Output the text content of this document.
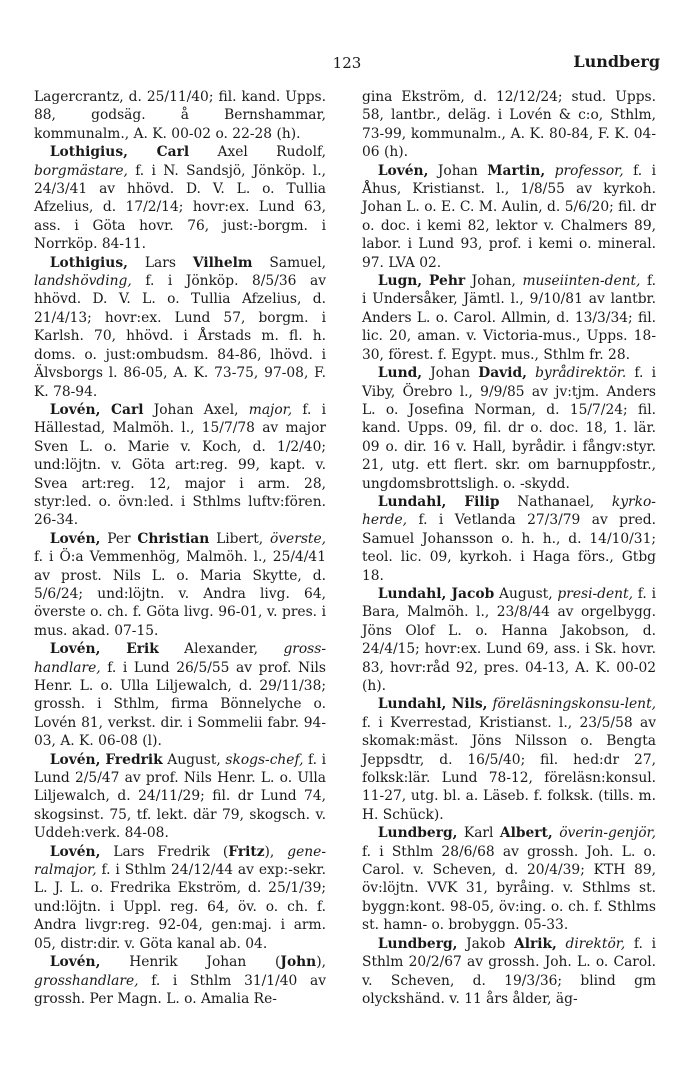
123	Lundberg

Lagercrantz, d. 25/11/40; fil. kand. Upps. 88, godsäg. å Bernshammar, kommunalm., A. K. 00-02 o. 22-28 (h).

Lothigius, Carl Axel Rudolf, borgmästare, f. i N. Sandsjö, Jönköp. l., 24/3/41 av hhövd. D. V. L. o. Tullia Afzelius, d. 17/2/14; hovr:ex. Lund 63, ass. i Göta hovr. 76, just:-borgm. i Norrköp. 84-11.

Lothigius, Lars Vilhelm Samuel, landshövding, f. i Jönköp. 8/5/36 av hhövd. D. V. L. o. Tullia Afzelius, d. 21/4/13; hovr:ex. Lund 57, borgm. i Karlsh. 70, hhövd. i Årstads m. fl. h. doms. o. just:ombudsm. 84-86, lhövd. i Älvsborgs l. 86-05, A. K. 73-75, 97-08, F. K. 78-94.

Lovén, Carl Johan Axel, major, f. i Hällestad, Malmöh. l., 15/7/78 av major Sven L. o. Marie v. Koch, d. 1/2/40; und:löjtn. v. Göta art:reg. 99, kapt. v. Svea art:reg. 12, major i arm. 28, styr:led. o. övn:led. i Sthlms luftv:fören. 26-34.

Lovén, Per Christian Libert, överste, f. i Ö:a Vemmenhög, Malmöh. l., 25/4/41 av prost. Nils L. o. Maria Skytte, d. 5/6/24; und:löjtn. v. Andra livg. 64, överste o. ch. f. Göta livg. 96-01, v. pres. i mus. akad. 07-15.

Lovén, Erik Alexander, gross-handlare, f. i Lund 26/5/55 av prof. Nils Henr. L. o. Ulla Liljewalch, d. 29/11/38; grossh. i Sthlm, firma Bönnelyche o. Lovén 81, verkst. dir. i Sommelii fabr. 94-03, A. K. 06-08 (l).

Lovén, Fredrik August, skogs-chef, f. i Lund 2/5/47 av prof. Nils Henr. L. o. Ulla Liljewalch, d. 24/11/29; fil. dr Lund 74, skogsinst. 75, tf. lekt. där 79, skogsch. v. Uddeh:verk. 84-08.

Lovén, Lars Fredrik (Fritz), gene-ralmajor, f. i Sthlm 24/12/44 av exp:-sekr. L. J. L. o. Fredrika Ekström, d. 25/1/39; und:löjtn. i Uppl. reg. 64, öv. o. ch. f. Andra livgr:reg. 92-04, gen:maj. i arm. 05, distr:dir. v. Göta kanal ab. 04.

Lovén, Henrik Johan (John), grosshandlare, f. i Sthlm 31/1/40 av grossh. Per Magn. L. o. Amalia Re-

gina Ekström, d. 12/12/24; stud. Upps. 58, lantbr., deläg. i Lovén & c:o, Sthlm, 73-99, kommunalm., A. K. 80-84, F. K. 04-06 (h).

Lovén, Johan Martin, professor, f. i Åhus, Kristianst. l., 1/8/55 av kyrkoh. Johan L. o. E. C. M. Aulin, d. 5/6/20; fil. dr o. doc. i kemi 82, lektor v. Chalmers 89, labor. i Lund 93, prof. i kemi o. mineral. 97. LVA 02.

Lugn, Pehr Johan, museiinten-dent, f. i Undersåker, Jämtl. l., 9/10/81 av lantbr. Anders L. o. Carol. Allmin, d. 13/3/34; fil. lic. 20, aman. v. Victoria-mus., Upps. 18-30, förest. f. Egypt. mus., Sthlm fr. 28.

Lund, Johan David, byrådirektör. f. i Viby, Örebro l., 9/9/85 av jv:tjm. Anders L. o. Josefina Norman, d. 15/7/24; fil. kand. Upps. 09, fil. dr o. doc. 18, 1. lär. 09 o. dir. 16 v. Hall, byrådir. i fångv:styr. 21, utg. ett flert. skr. om barnuppfostr., ungdomsbrottsligh. o. -skydd.

Lundahl, Filip Nathanael, kyrko-herde, f. i Vetlanda 27/3/79 av pred. Samuel Johansson o. h. h., d. 14/10/31; teol. lic. 09, kyrkoh. i Haga förs., Gtbg 18.

Lundahl, Jacob August, presi-dent, f. i Bara, Malmöh. l., 23/8/44 av orgelbygg. Jöns Olof L. o. Hanna Jakobson, d. 24/4/15; hovr:ex. Lund 69, ass. i Sk. hovr. 83, hovr:råd 92, pres. 04-13, A. K. 00-02 (h).

Lundahl, Nils, föreläsningskonsu-lent, f. i Kverrestad, Kristianst. l., 23/5/58 av skomak:mäst. Jöns Nilsson o. Bengta Jeppsdtr, d. 16/5/40; fil. hed:dr 27, folksk:lär. Lund 78-12, föreläsn:konsul. 11-27, utg. bl. a. Läseb. f. folksk. (tills. m. H. Schück).

Lundberg, Karl Albert, överin-genjör, f. i Sthlm 28/6/68 av grossh. Joh. L. o. Carol. v. Scheven, d. 20/4/39; KTH 89, öv:löjtn. VVK 31, byråing. v. Sthlms st. byggn:kont. 98-05, öv:ing. o. ch. f. Sthlms st. hamn- o. brobyggn. 05-33.

Lundberg, Jakob Alrik, direktör, f. i Sthlm 20/2/67 av grossh. Joh. L. o. Carol. v. Scheven, d. 19/3/36; blind gm olyckshänd. v. 11 års ålder, äg-
